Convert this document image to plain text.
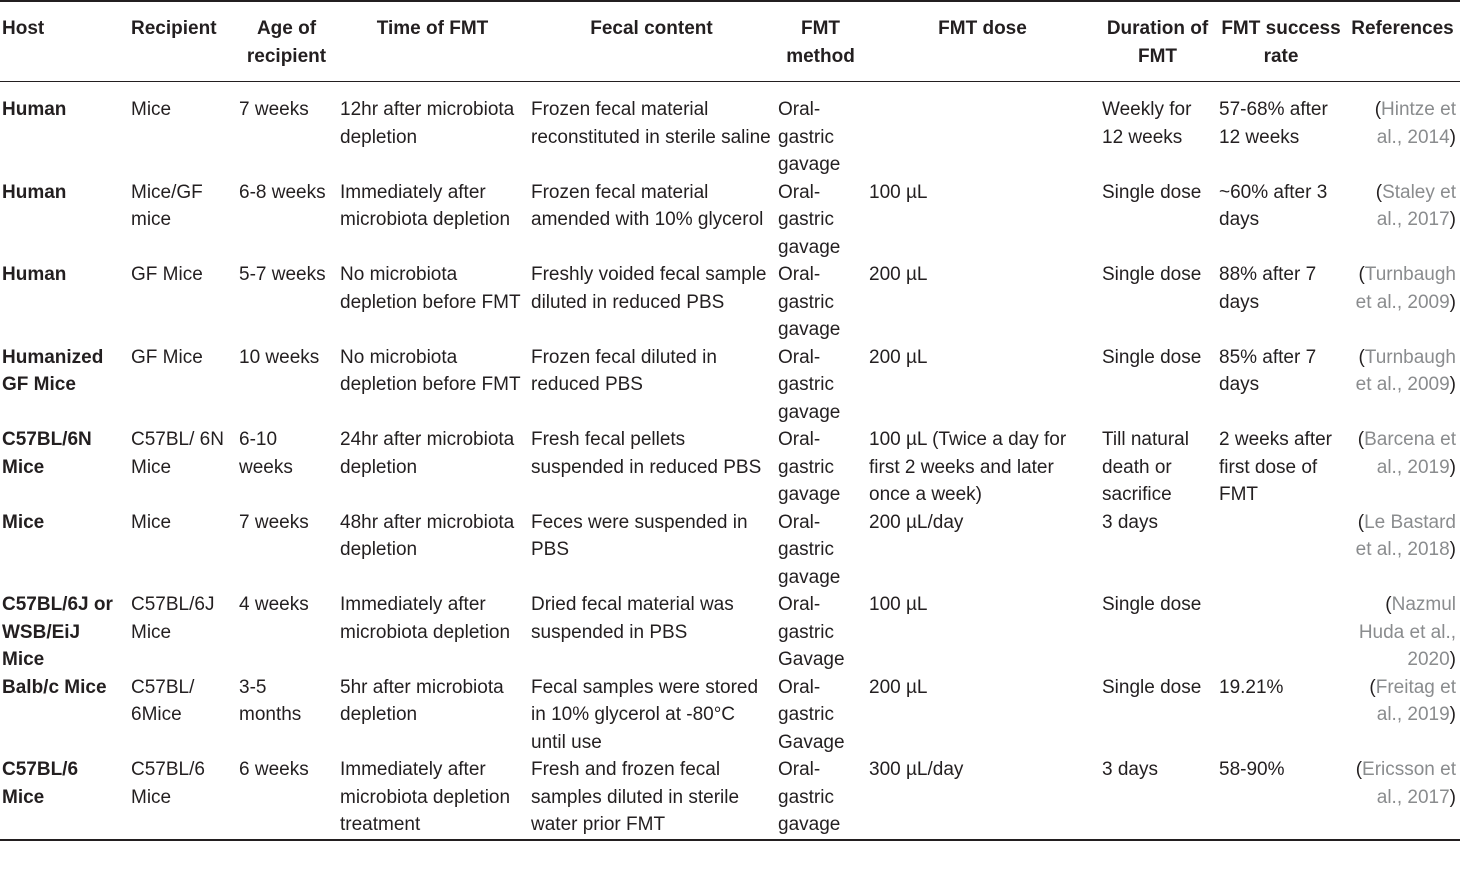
Host	Recipient	Age of recipient	Time of FMT	Fecal content	FMT method	FMT dose	Duration of FMT	FMT success rate	References
Human	Mice	7 weeks	12hr after microbiota depletion	Frozen fecal material reconstituted in sterile saline	Oral-gastric gavage		Weekly for 12 weeks	57-68% after 12 weeks	(Hintze et al., 2014)
Human	Mice/GF mice	6-8 weeks	Immediately after microbiota depletion	Frozen fecal material amended with 10% glycerol	Oral-gastric gavage	100 µL	Single dose	~60% after 3 days	(Staley et al., 2017)
Human	GF Mice	5-7 weeks	No microbiota depletion before FMT	Freshly voided fecal sample diluted in reduced PBS	Oral-gastric gavage	200 µL	Single dose	88% after 7 days	(Turnbaugh et al., 2009)
Humanized GF Mice	GF Mice	10 weeks	No microbiota depletion before FMT	Frozen fecal diluted in reduced PBS	Oral-gastric gavage	200 µL	Single dose	85% after 7 days	(Turnbaugh et al., 2009)
C57BL/6N Mice	C57BL/ 6N Mice	6-10 weeks	24hr after microbiota depletion	Fresh fecal pellets suspended in reduced PBS	Oral-gastric gavage	100 µL (Twice a day for first 2 weeks and later once a week)	Till natural death or sacrifice	2 weeks after first dose of FMT	(Barcena et al., 2019)
Mice	Mice	7 weeks	48hr after microbiota depletion	Feces were suspended in PBS	Oral-gastric gavage	200 µL/day	3 days		(Le Bastard et al., 2018)
C57BL/6J or WSB/EiJ Mice	C57BL/6J Mice	4 weeks	Immediately after microbiota depletion	Dried fecal material was suspended in PBS	Oral-gastric Gavage	100 µL	Single dose		(Nazmul Huda et al., 2020)
Balb/c Mice	C57BL/ 6Mice	3-5 months	5hr after microbiota depletion	Fecal samples were stored in 10% glycerol at -80°C until use	Oral-gastric Gavage	200 µL	Single dose	19.21%	(Freitag et al., 2019)
C57BL/6 Mice	C57BL/6 Mice	6 weeks	Immediately after microbiota depletion treatment	Fresh and frozen fecal samples diluted in sterile water prior FMT	Oral-gastric gavage	300 µL/day	3 days	58-90%	(Ericsson et al., 2017)
